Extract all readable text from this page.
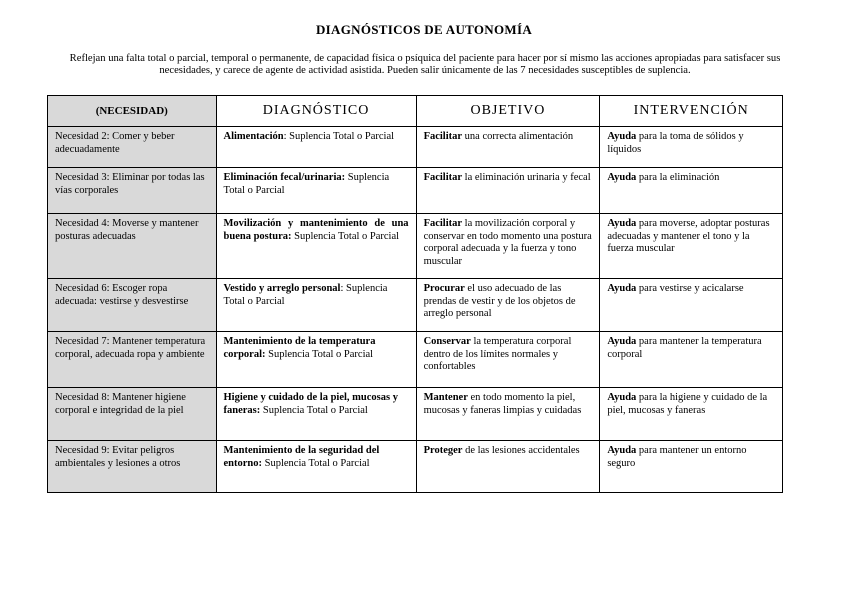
DIAGNÓSTICOS DE AUTONOMÍA
Reflejan una falta total o parcial, temporal o permanente, de capacidad física o psíquica del paciente para hacer por sí mismo las acciones apropiadas para satisfacer sus necesidades, y carece de agente de actividad asistida. Pueden salir únicamente de las 7 necesidades susceptibles de suplencia.
(NECESIDAD)	DIAGNÓSTICO	OBJETIVO	INTERVENCIÓN
Necesidad 2: Comer y beber adecuadamente	Alimentación: Suplencia Total o Parcial	Facilitar una correcta alimentación	Ayuda para la toma de sólidos y líquidos
Necesidad 3: Eliminar por todas las vías corporales	Eliminación fecal/urinaria: Suplencia Total o Parcial	Facilitar la eliminación urinaria y fecal	Ayuda para la eliminación
Necesidad 4: Moverse y mantener posturas adecuadas	Movilización y mantenimiento de una buena postura: Suplencia Total o Parcial	Facilitar la movilización corporal y conservar en todo momento una postura corporal adecuada y la fuerza y tono muscular	Ayuda para moverse, adoptar posturas adecuadas y mantener el tono y la fuerza muscular
Necesidad 6: Escoger ropa adecuada: vestirse y desvestirse	Vestido y arreglo personal: Suplencia Total o Parcial	Procurar el uso adecuado de las prendas de vestir y de los objetos de arreglo personal	Ayuda para vestirse y acicalarse
Necesidad 7: Mantener temperatura corporal, adecuada ropa y ambiente	Mantenimiento de la temperatura corporal: Suplencia Total o Parcial	Conservar la temperatura corporal dentro de los límites normales y confortables	Ayuda para mantener la temperatura corporal
Necesidad 8: Mantener higiene corporal e integridad de la piel	Higiene y cuidado de la piel, mucosas y faneras: Suplencia Total o Parcial	Mantener en todo momento la piel, mucosas y faneras limpias y cuidadas	Ayuda para la higiene y cuidado de la piel, mucosas y faneras
Necesidad 9: Evitar peligros ambientales y lesiones a otros	Mantenimiento de la seguridad del entorno: Suplencia Total o Parcial	Proteger de las lesiones accidentales	Ayuda para mantener un entorno seguro
